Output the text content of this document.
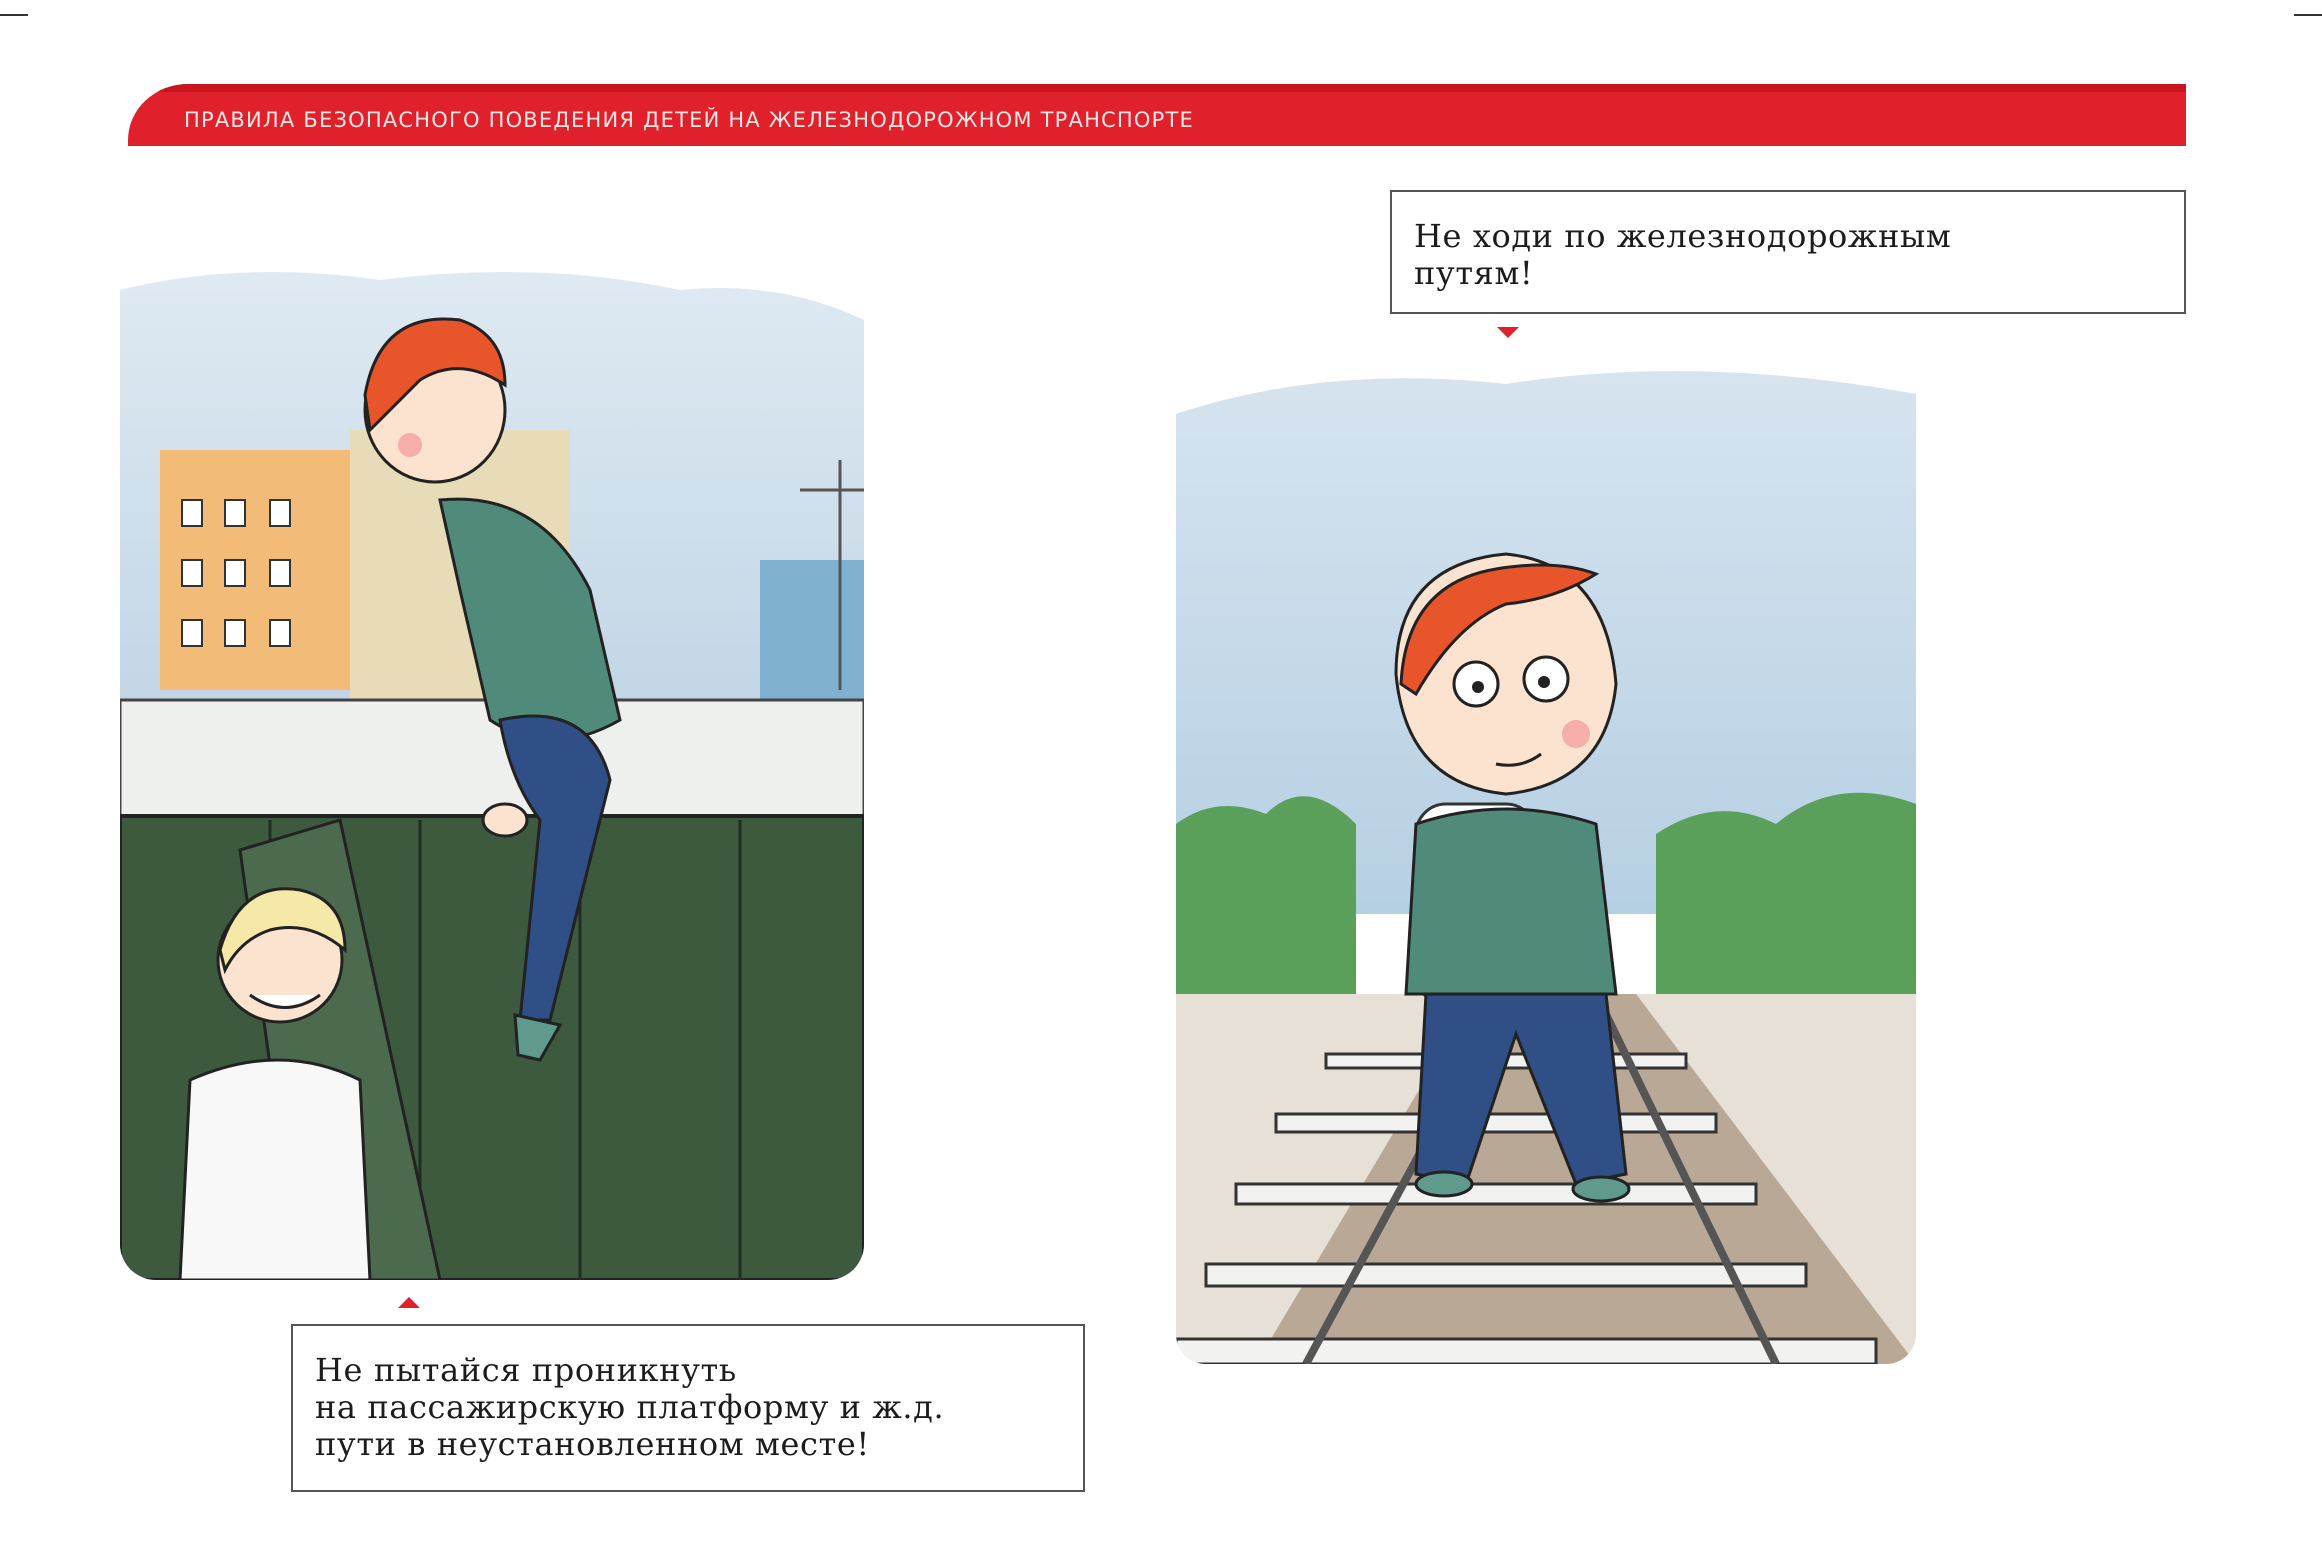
ПРАВИЛА БЕЗОПАСНОГО ПОВЕДЕНИЯ ДЕТЕЙ НА ЖЕЛЕЗНОДОРОЖНОМ ТРАНСПОРТЕ
Не ходи по железнодорожным
путям!
Не пытайся проникнуть
на пассажирскую платформу и ж.д.
пути в неустановленном месте!
